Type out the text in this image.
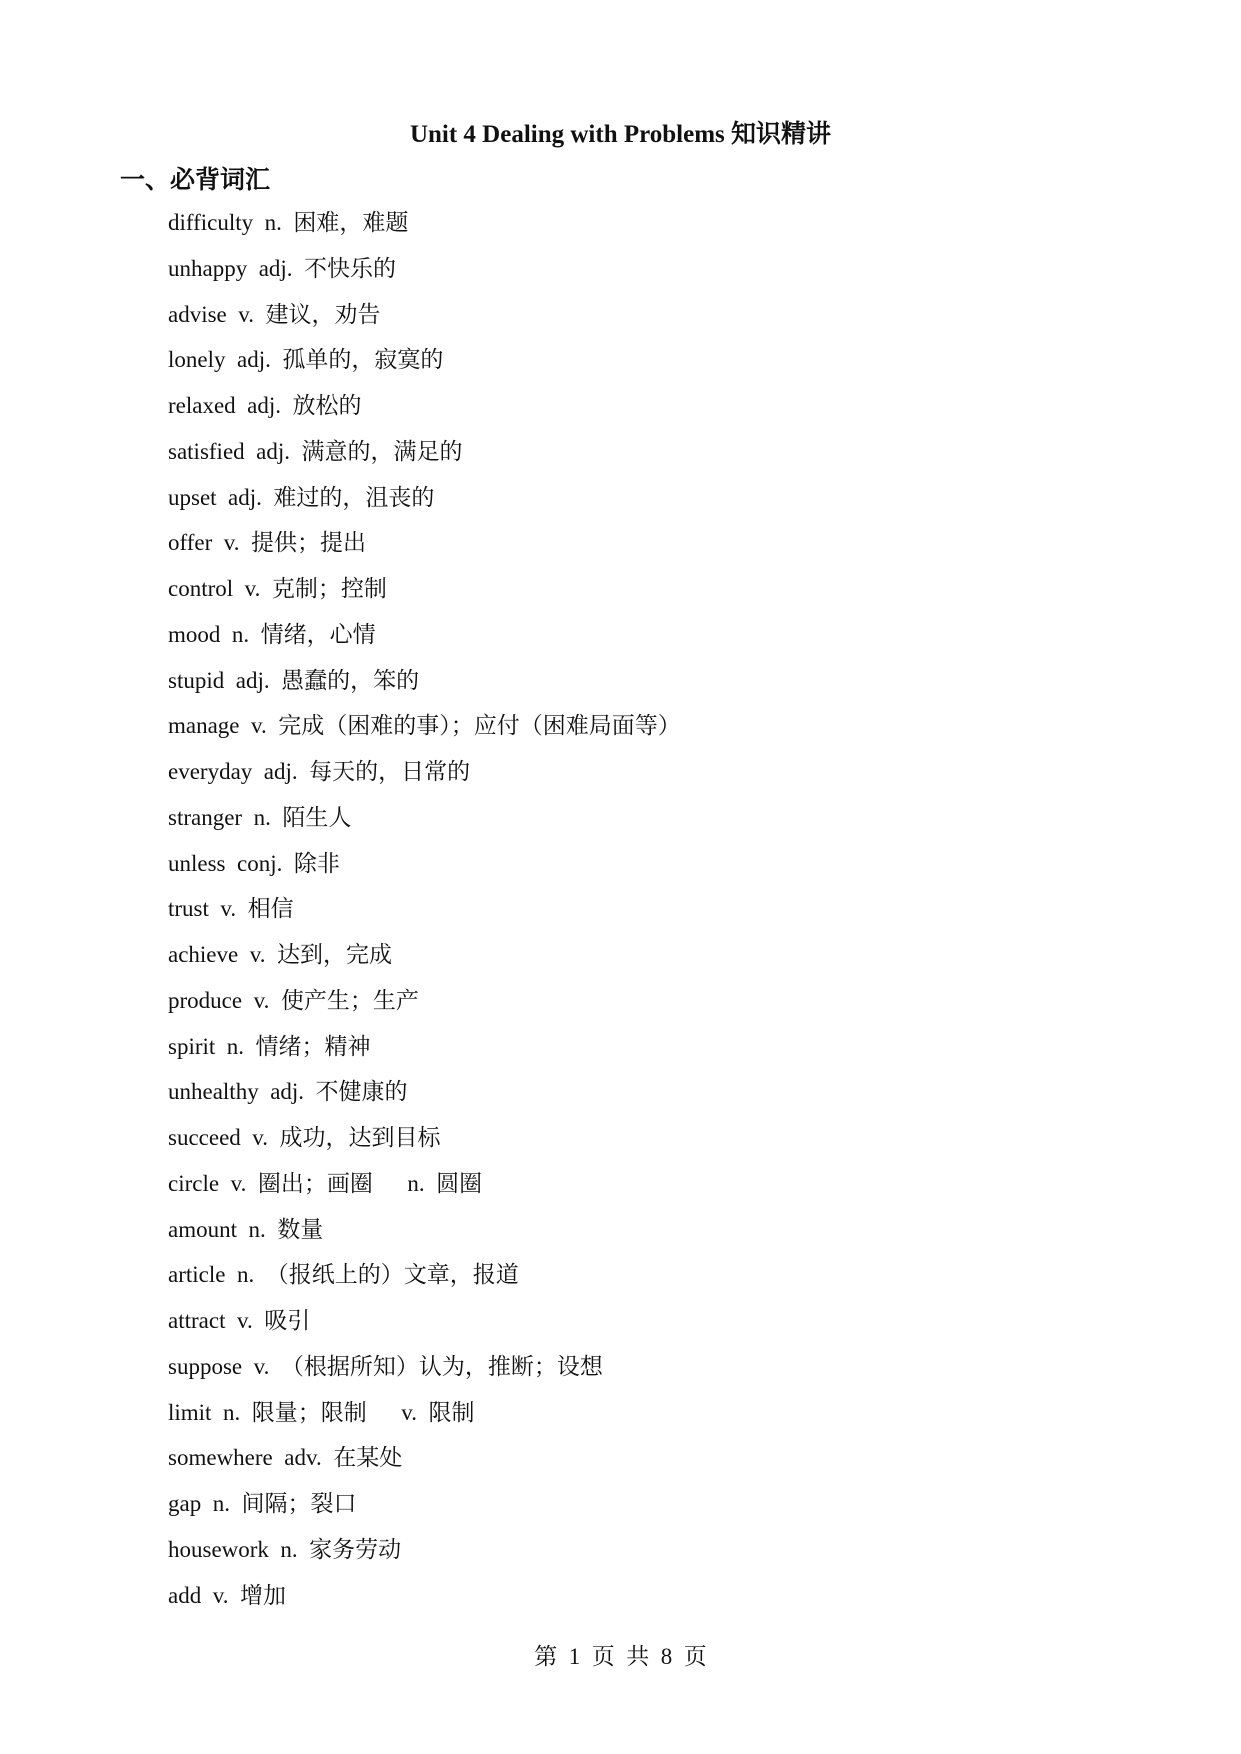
Unit 4 Dealing with Problems 知识精讲
一、必背词汇
difficulty  n.  困难，难题
unhappy  adj.  不快乐的
advise  v.  建议，劝告
lonely  adj.  孤单的，寂寞的
relaxed  adj.  放松的
satisfied  adj.  满意的，满足的
upset  adj.  难过的，沮丧的
offer  v.  提供；提出
control  v.  克制；控制
mood  n.  情绪，心情
stupid  adj.  愚蠢的，笨的
manage  v.  完成（困难的事）；应付（困难局面等）
everyday  adj.  每天的，日常的
stranger  n.  陌生人
unless  conj.  除非
trust  v.  相信
achieve  v.  达到，完成
produce  v.  使产生；生产
spirit  n.  情绪；精神
unhealthy  adj.  不健康的
succeed  v.  成功，达到目标
circle  v.  圈出；画圈      n.  圆圈
amount  n.  数量
article  n.  （报纸上的）文章，报道
attract  v.  吸引
suppose  v.  （根据所知）认为，推断；设想
limit  n.  限量；限制      v.  限制
somewhere  adv.  在某处
gap  n.  间隔；裂口
housework  n.  家务劳动
add  v.  增加
第  1  页  共  8  页
